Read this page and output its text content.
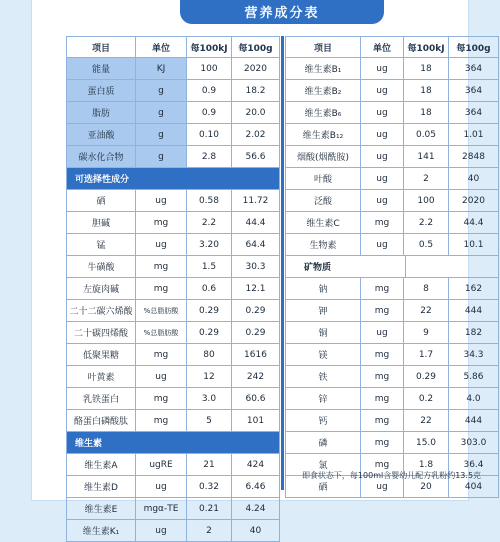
营养成分表
项目	单位	每100kJ	每100g
能量	KJ	100	2020
蛋白质	g	0.9	18.2
脂肪	g	0.9	20.0
亚油酸	g	0.10	2.02
碳水化合物	g	2.8	56.6
可选择性成分
硒	ug	0.58	11.72
胆碱	mg	2.2	44.4
锰	ug	3.20	64.4
牛磺酸	mg	1.5	30.3
左旋肉碱	mg	0.6	12.1
二十二碳六烯酸	%总脂肪酸	0.29	0.29
二十碳四烯酸	%总脂肪酸	0.29	0.29
低聚果糖	mg	80	1616
叶黄素	ug	12	242
乳铁蛋白	mg	3.0	60.6
酪蛋白磷酸肽	mg	5	101
维生素
维生素A	ugRE	21	424
维生素D	ug	0.32	6.46
维生素E	mgα-TE	0.21	4.24
维生素K₁	ug	2	40
项目	单位	每100kJ	每100g
维生素B₁	ug	18	364
维生素B₂	ug	18	364
维生素B₆	ug	18	364
维生素B₁₂	ug	0.05	1.01
烟酸(烟酰胺)	ug	141	2848
叶酸	ug	2	40
泛酸	ug	100	2020
维生素C	mg	2.2	44.4
生物素	ug	0.5	10.1
矿物质
钠	mg	8	162
钾	mg	22	444
铜	ug	9	182
镁	mg	1.7	34.3
铁	mg	0.29	5.86
锌	mg	0.2	4.0
钙	mg	22	444
磷	mg	15.0	303.0
氯	mg	1.8	36.4
硒	ug	20	404
即食状态下，每100ml含婴幼儿配方乳粉约13.5克
